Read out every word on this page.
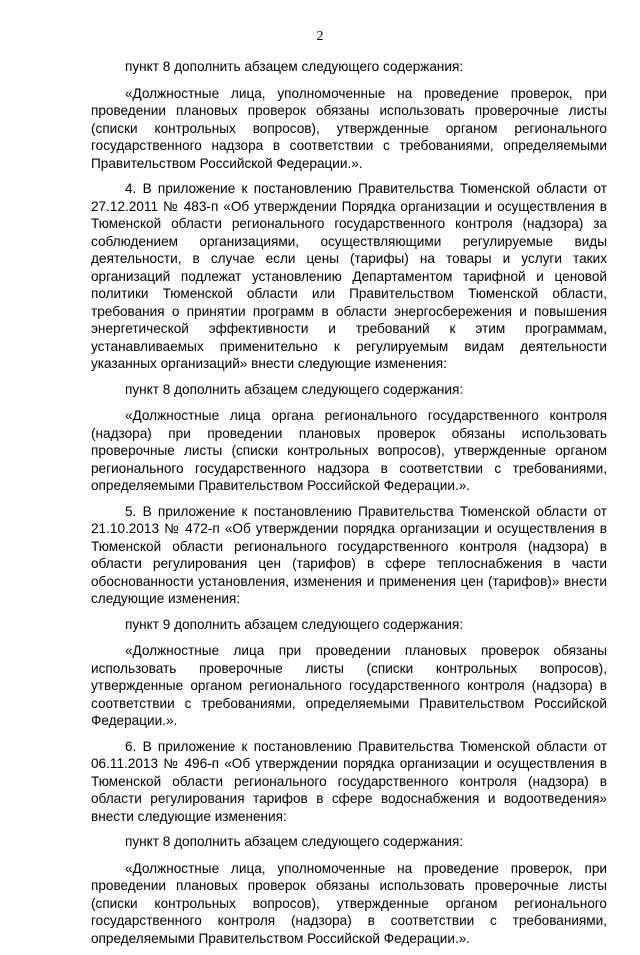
2

пункт 8 дополнить абзацем следующего содержания:

«Должностные лица, уполномоченные на проведение проверок, при проведении плановых проверок обязаны использовать проверочные листы (списки контрольных вопросов), утвержденные органом регионального государственного надзора в соответствии с требованиями, определяемыми Правительством Российской Федерации.».

4. В приложение к постановлению Правительства Тюменской области от 27.12.2011 № 483-п «Об утверждении Порядка организации и осуществления в Тюменской области регионального государственного контроля (надзора) за соблюдением организациями, осуществляющими регулируемые виды деятельности, в случае если цены (тарифы) на товары и услуги таких организаций подлежат установлению Департаментом тарифной и ценовой политики Тюменской области или Правительством Тюменской области, требования о принятии программ в области энергосбережения и повышения энергетической эффективности и требований к этим программам, устанавливаемых применительно к регулируемым видам деятельности указанных организаций» внести следующие изменения:

пункт 8 дополнить абзацем следующего содержания:

«Должностные лица органа регионального государственного контроля (надзора) при проведении плановых проверок обязаны использовать проверочные листы (списки контрольных вопросов), утвержденные органом регионального государственного надзора в соответствии с требованиями, определяемыми Правительством Российской Федерации.».

5. В приложение к постановлению Правительства Тюменской области от 21.10.2013 № 472-п «Об утверждении порядка организации и осуществления в Тюменской области регионального государственного контроля (надзора) в области регулирования цен (тарифов) в сфере теплоснабжения в части обоснованности установления, изменения и применения цен (тарифов)» внести следующие изменения:

пункт 9 дополнить абзацем следующего содержания:

«Должностные лица при проведении плановых проверок обязаны использовать проверочные листы (списки контрольных вопросов), утвержденные органом регионального государственного контроля (надзора) в соответствии с требованиями, определяемыми Правительством Российской Федерации.».

6. В приложение к постановлению Правительства Тюменской области от 06.11.2013 № 496-п «Об утверждении порядка организации и осуществления в Тюменской области регионального государственного контроля (надзора) в области регулирования тарифов в сфере водоснабжения и водоотведения» внести следующие изменения:

пункт 8 дополнить абзацем следующего содержания:

«Должностные лица, уполномоченные на проведение проверок, при проведении плановых проверок обязаны использовать проверочные листы (списки контрольных вопросов), утвержденные органом регионального государственного контроля (надзора) в соответствии с требованиями, определяемыми Правительством Российской Федерации.».
